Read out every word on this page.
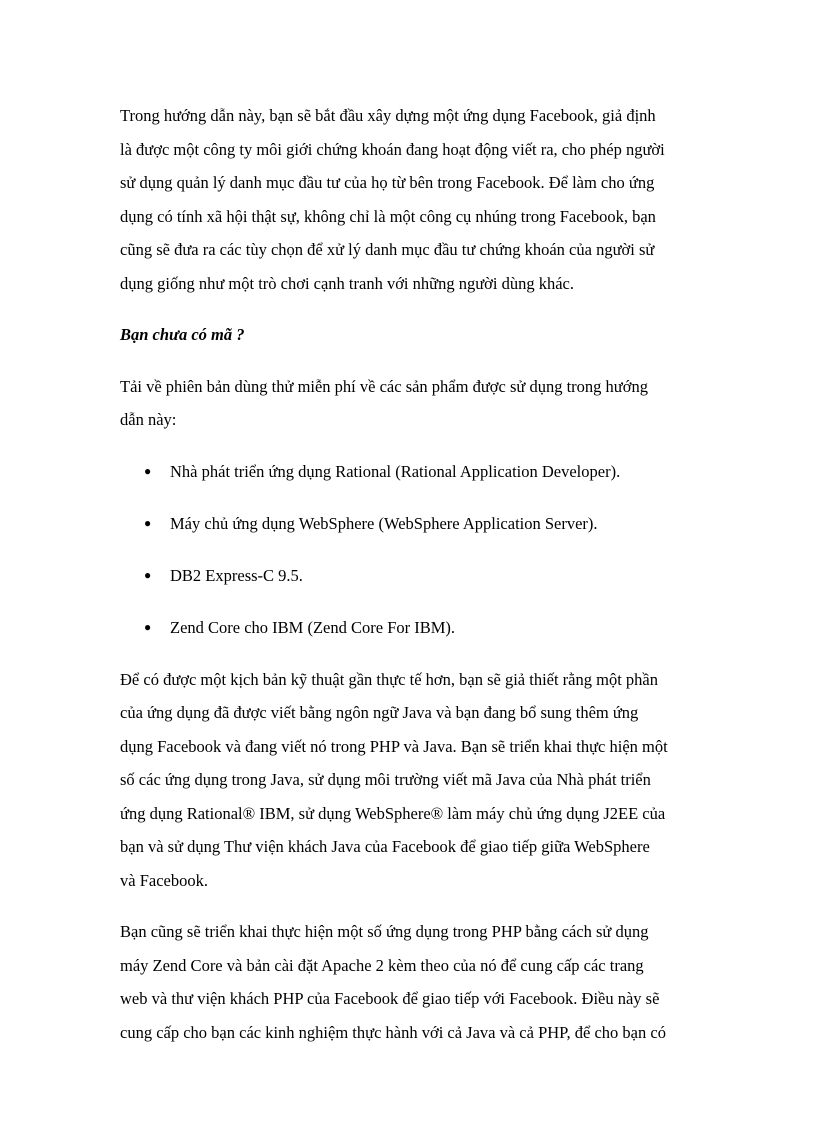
Trong hướng dẫn này, bạn sẽ bắt đầu xây dựng một ứng dụng Facebook, giả định
là được một công ty môi giới chứng khoán đang hoạt động viết ra, cho phép người
sử dụng quản lý danh mục đầu tư của họ từ bên trong Facebook. Để làm cho ứng
dụng có tính xã hội thật sự, không chỉ là một công cụ nhúng trong Facebook, bạn
cũng sẽ đưa ra các tùy chọn để xử lý danh mục đầu tư chứng khoán của người sử
dụng giống như một trò chơi cạnh tranh với những người dùng khác.

Bạn chưa có mã ?

Tải về phiên bản dùng thử miễn phí về các sản phẩm được sử dụng trong hướng
dẫn này:

● Nhà phát triển ứng dụng Rational (Rational Application Developer).
● Máy chủ ứng dụng WebSphere (WebSphere Application Server).
● DB2 Express-C 9.5.
● Zend Core cho IBM (Zend Core For IBM).

Để có được một kịch bản kỹ thuật gần thực tế hơn, bạn sẽ giả thiết rằng một phần
của ứng dụng đã được viết bằng ngôn ngữ Java và bạn đang bổ sung thêm ứng
dụng Facebook và đang viết nó trong PHP và Java. Bạn sẽ triển khai thực hiện một
số các ứng dụng trong Java, sử dụng môi trường viết mã Java của Nhà phát triển
ứng dụng Rational® IBM, sử dụng WebSphere® làm máy chủ ứng dụng J2EE của
bạn và sử dụng Thư viện khách Java của Facebook để giao tiếp giữa WebSphere
và Facebook.

Bạn cũng sẽ triển khai thực hiện một số ứng dụng trong PHP bằng cách sử dụng
máy Zend Core và bản cài đặt Apache 2 kèm theo của nó để cung cấp các trang
web và thư viện khách PHP của Facebook để giao tiếp với Facebook. Điều này sẽ
cung cấp cho bạn các kinh nghiệm thực hành với cả Java và cả PHP, để cho bạn có
